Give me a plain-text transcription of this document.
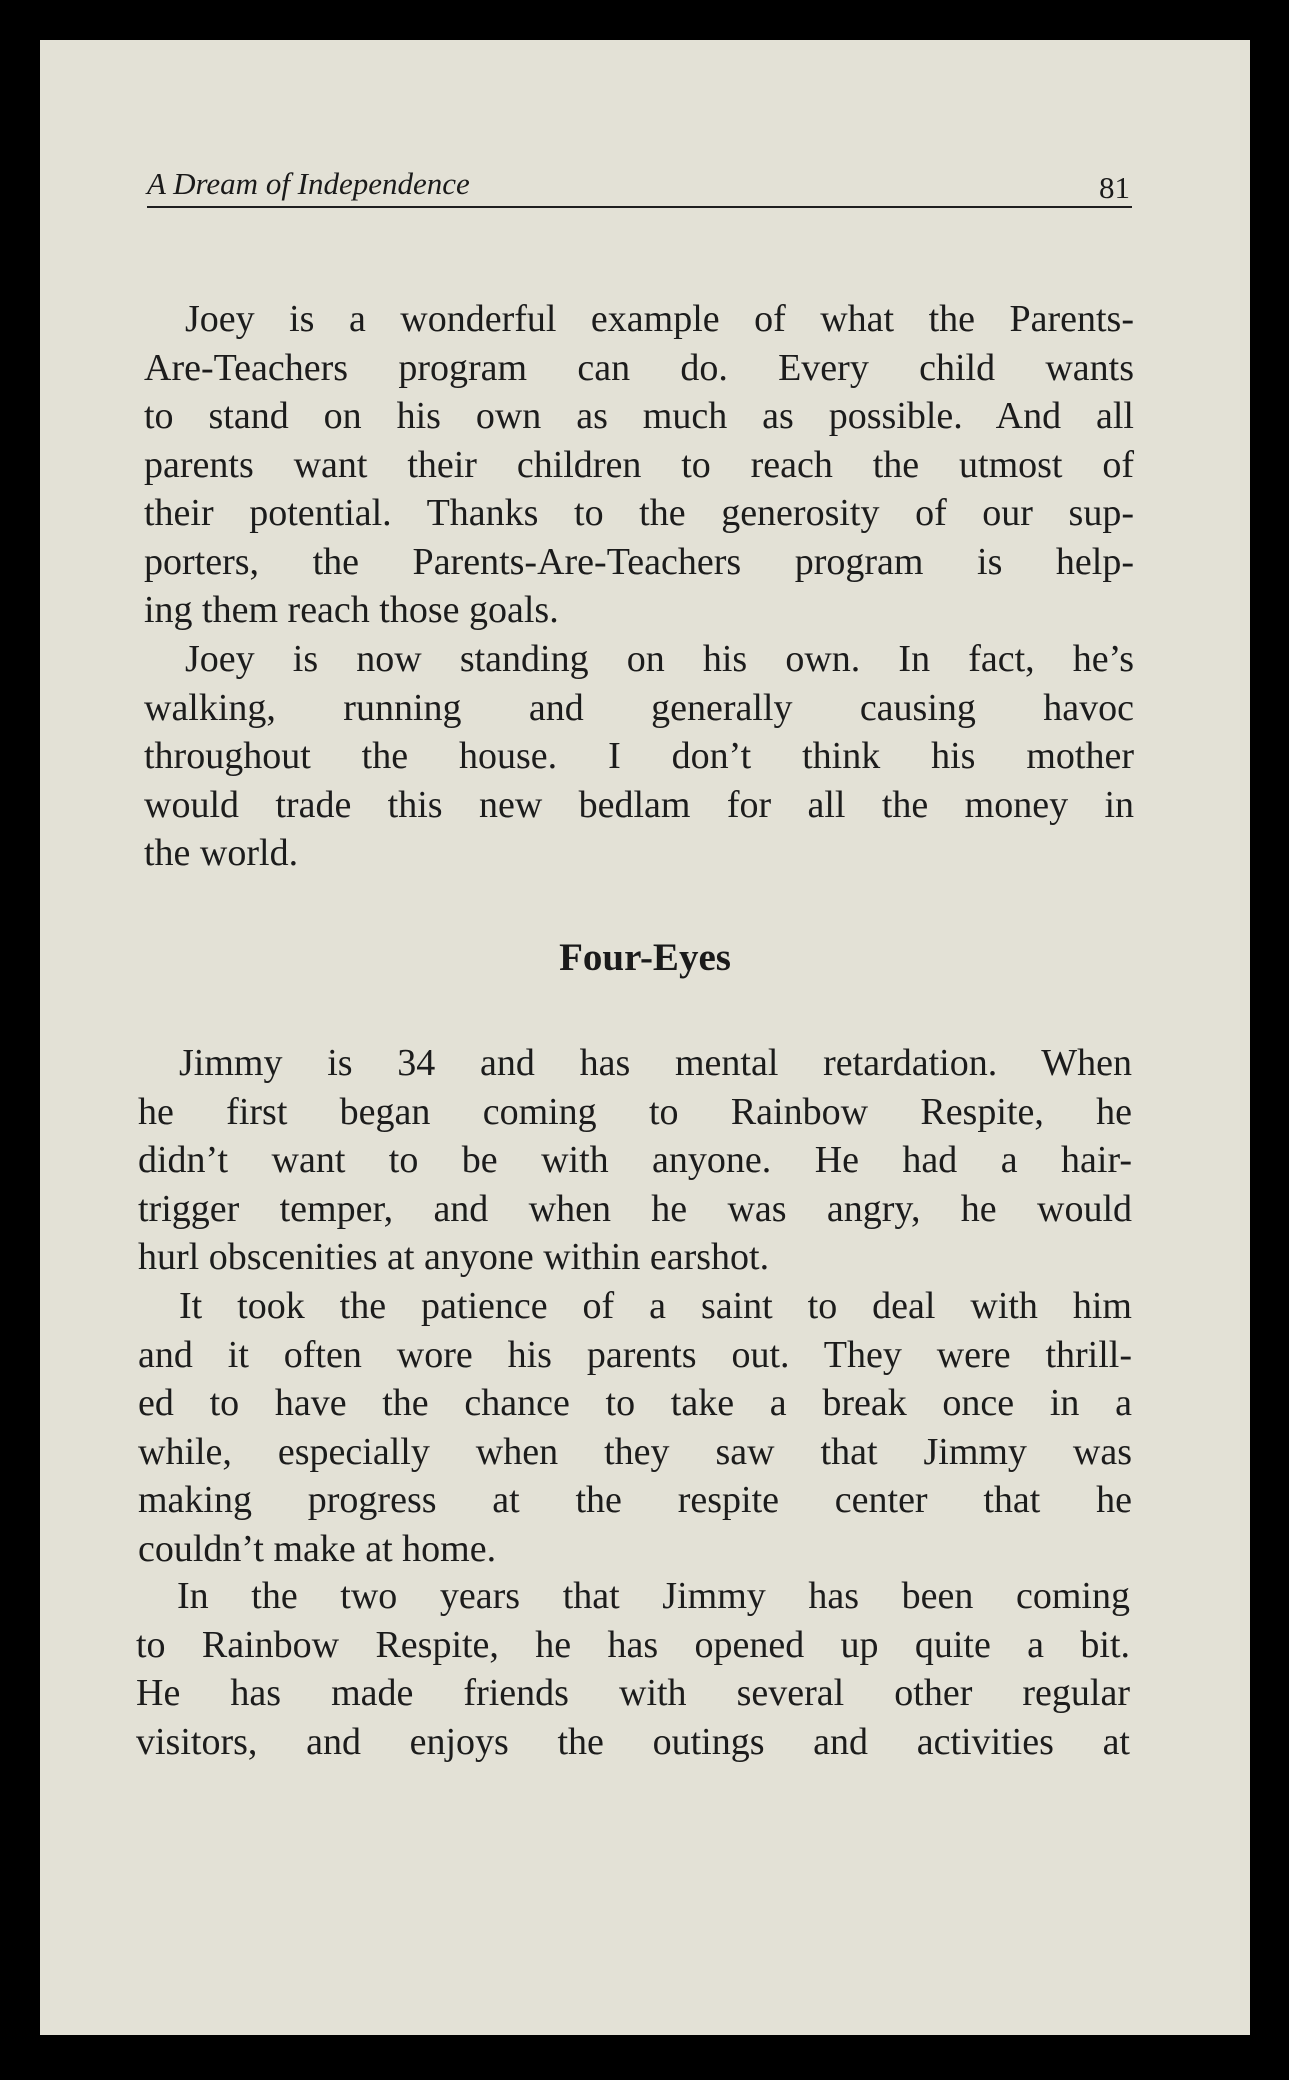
A Dream of Independence	81
Joey is a wonderful example of what the Parents-
Are-Teachers program can do. Every child wants
to stand on his own as much as possible. And all
parents want their children to reach the utmost of
their potential. Thanks to the generosity of our sup-
porters, the Parents-Are-Teachers program is help-
ing them reach those goals.
Joey is now standing on his own. In fact, he’s
walking, running and generally causing havoc
throughout the house. I don’t think his mother
would trade this new bedlam for all the money in
the world.
Four-Eyes
Jimmy is 34 and has mental retardation. When
he first began coming to Rainbow Respite, he
didn’t want to be with anyone. He had a hair-
trigger temper, and when he was angry, he would
hurl obscenities at anyone within earshot.
It took the patience of a saint to deal with him
and it often wore his parents out. They were thrill-
ed to have the chance to take a break once in a
while, especially when they saw that Jimmy was
making progress at the respite center that he
couldn’t make at home.
In the two years that Jimmy has been coming
to Rainbow Respite, he has opened up quite a bit.
He has made friends with several other regular
visitors, and enjoys the outings and activities at
